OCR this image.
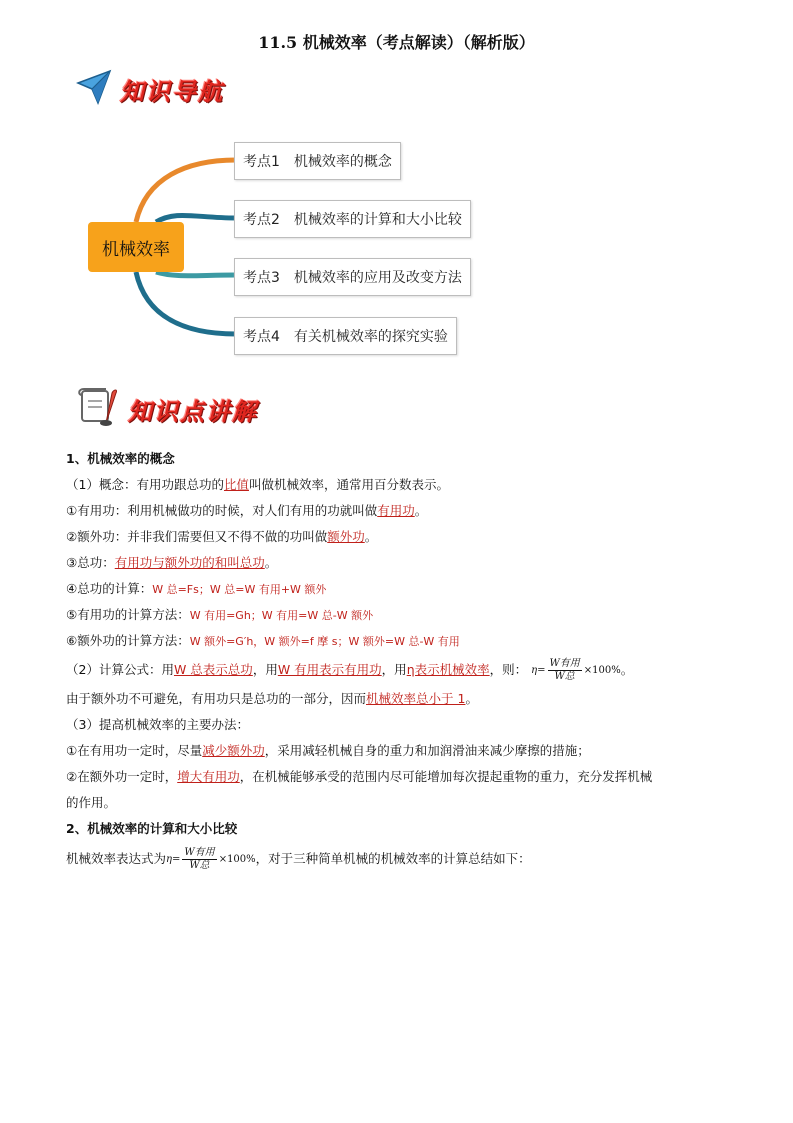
11.5 机械效率（考点解读）（解析版）
知识导航
机械效率
考点1 机械效率的概念
考点2 机械效率的计算和大小比较
考点3 机械效率的应用及改变方法
考点4 有关机械效率的探究实验
知识点讲解
1、机械效率的概念
（1）概念：有用功跟总功的比值叫做机械效率，通常用百分数表示。
①有用功：利用机械做功的时候，对人们有用的功就叫做有用功。
②额外功：并非我们需要但又不得不做的功叫做额外功。
③总功：有用功与额外功的和叫总功。
④总功的计算：W 总=Fs；W 总=W 有用+W 额外
⑤有用功的计算方法：W 有用=Gh；W 有用=W 总-W 额外
⑥额外功的计算方法：W 额外=G′h，W 额外=f 摩 s；W 额外=W 总-W 有用
（2）计算公式：用W 总表示总功，用W 有用表示有用功，用η表示机械效率，则： $\eta= \frac{\text{W有用}}{\text{W总}} \times 100\%$。
由于额外功不可避免，有用功只是总功的一部分，因而机械效率总小于 1。
（3）提高机械效率的主要办法：
①在有用功一定时，尽量减少额外功，采用减轻机械自身的重力和加润滑油来减少摩擦的措施；
②在额外功一定时，增大有用功，在机械能够承受的范围内尽可能增加每次提起重物的重力，充分发挥机械
的作用。
2、机械效率的计算和大小比较
机械效率表达式为$\eta= \frac{\text{W有用}}{\text{W总}} \times 100\%$，对于三种简单机械的机械效率的计算总结如下：
